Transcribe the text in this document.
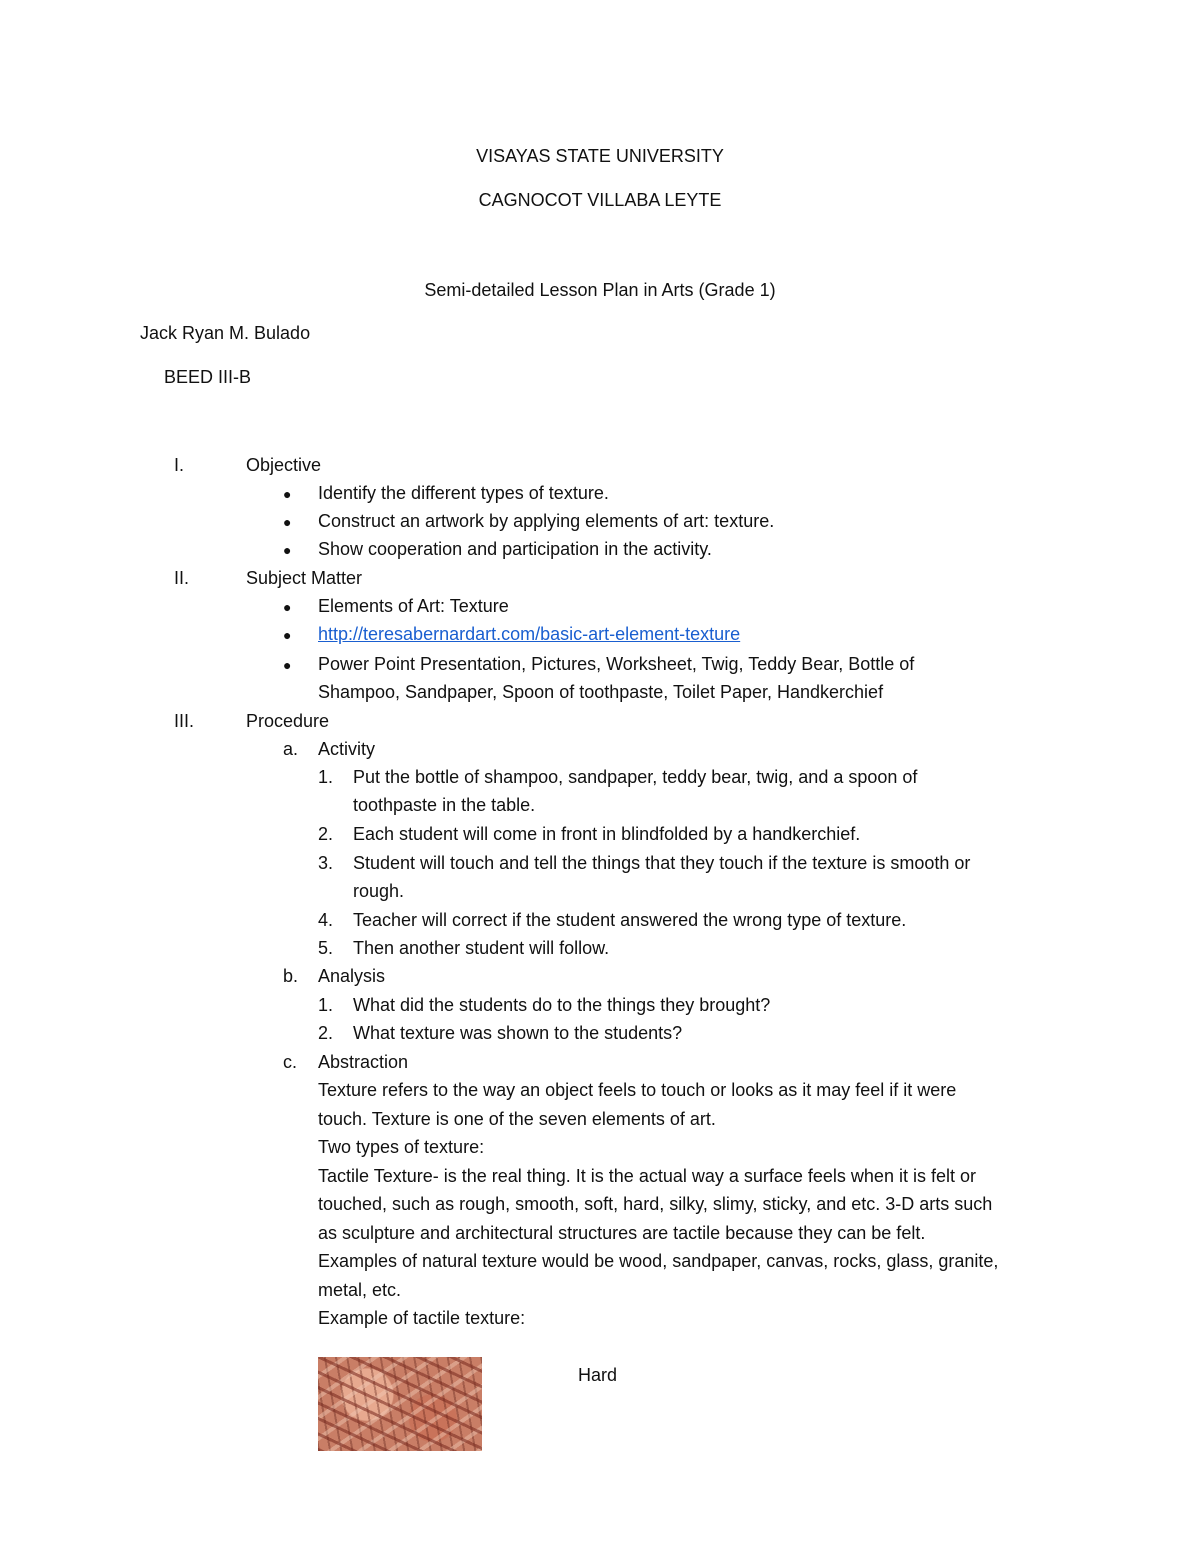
VISAYAS STATE UNIVERSITY
CAGNOCOT VILLABA LEYTE
Semi-detailed Lesson Plan in Arts (Grade 1)
Jack Ryan M. Bulado
BEED III-B
I.	Objective
● Identify the different types of texture.
● Construct an artwork by applying elements of art: texture.
● Show cooperation and participation in the activity.
II.	Subject Matter
● Elements of Art: Texture
● http://teresabernardart.com/basic-art-element-texture
● Power Point Presentation, Pictures, Worksheet, Twig, Teddy Bear, Bottle of
Shampoo, Sandpaper, Spoon of toothpaste, Toilet Paper, Handkerchief
III.	Procedure
a. Activity
1. Put the bottle of shampoo, sandpaper, teddy bear, twig, and a spoon of
toothpaste in the table.
2. Each student will come in front in blindfolded by a handkerchief.
3. Student will touch and tell the things that they touch if the texture is smooth or
rough.
4. Teacher will correct if the student answered the wrong type of texture.
5. Then another student will follow.
b. Analysis
1. What did the students do to the things they brought?
2. What texture was shown to the students?
c. Abstraction
Texture refers to the way an object feels to touch or looks as it may feel if it were
touch. Texture is one of the seven elements of art.
Two types of texture:
Tactile Texture- is the real thing. It is the actual way a surface feels when it is felt or
touched, such as rough, smooth, soft, hard, silky, slimy, sticky, and etc. 3-D arts such
as sculpture and architectural structures are tactile because they can be felt.
Examples of natural texture would be wood, sandpaper, canvas, rocks, glass, granite,
metal, etc.
Example of tactile texture:
Hard
